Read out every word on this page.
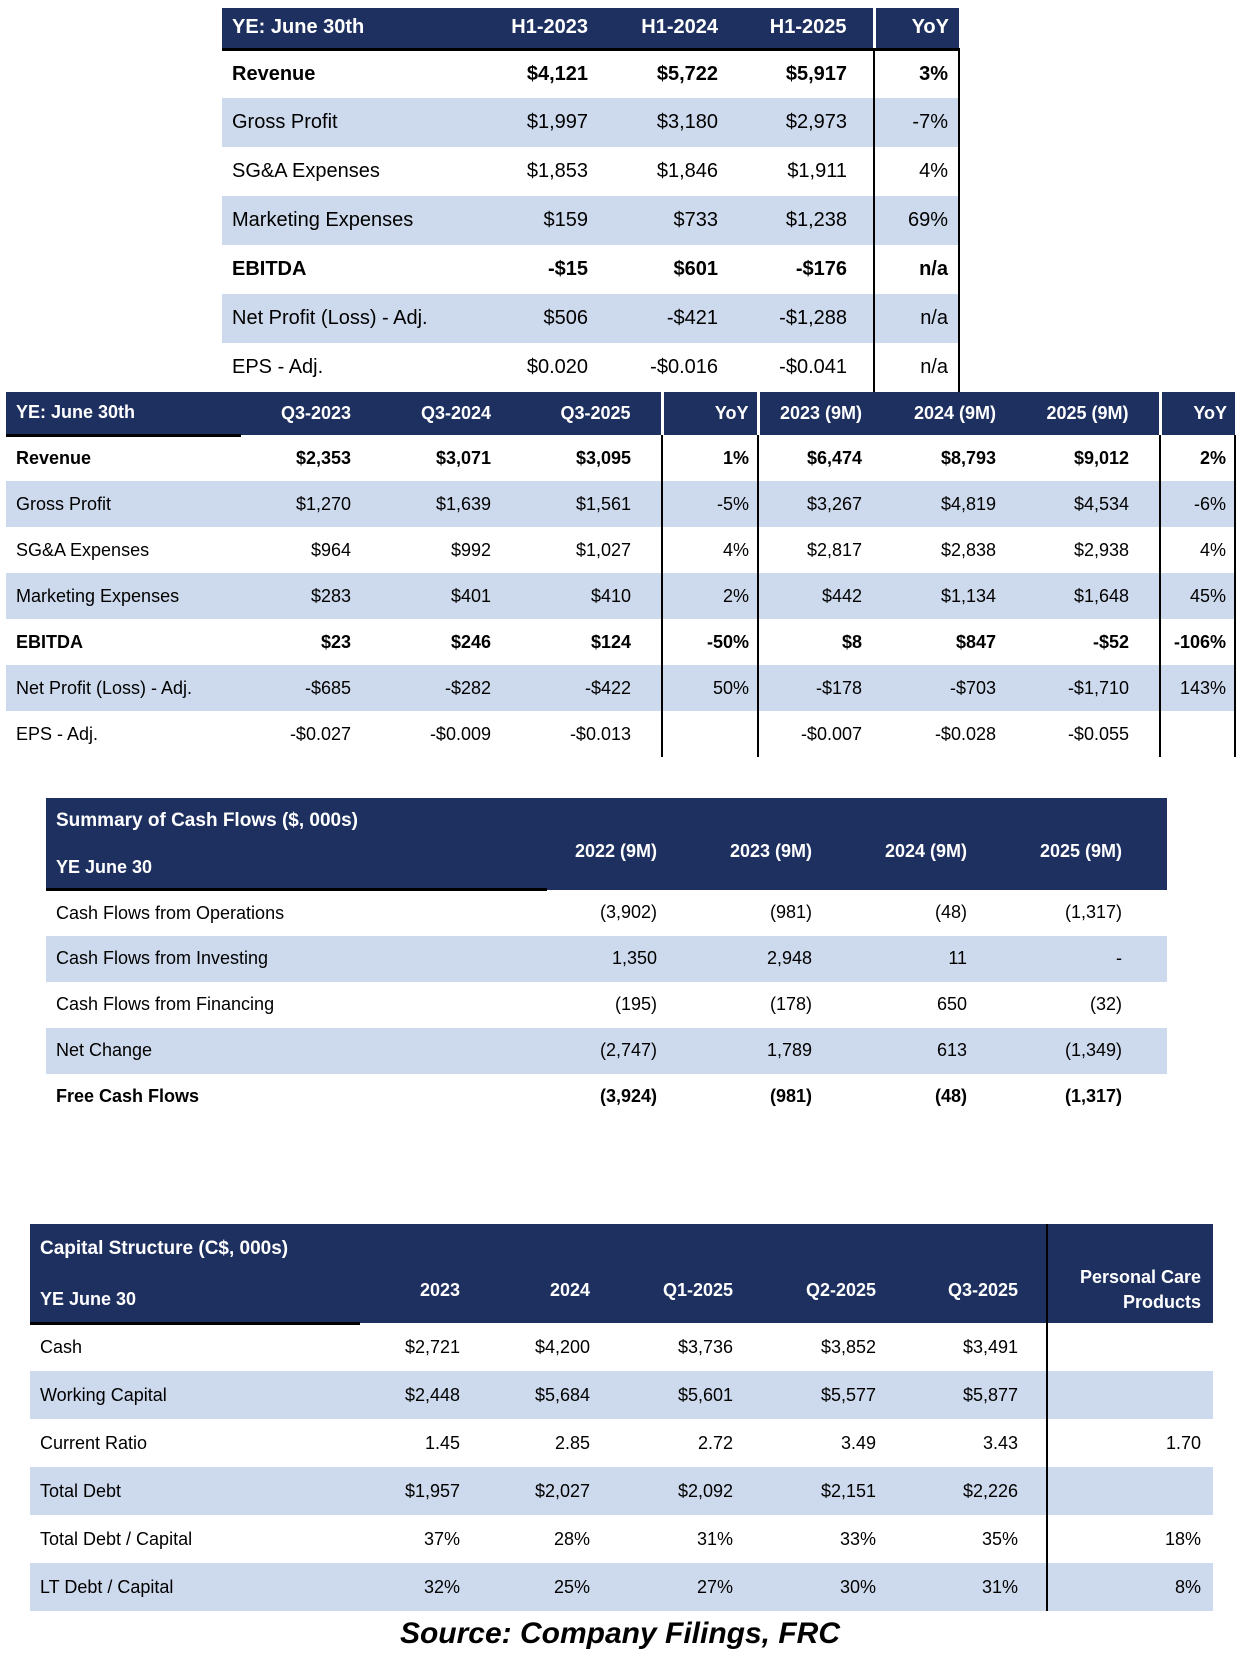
YE: June 30th	H1-2023	H1-2024	H1-2025	YoY
Revenue	$4,121	$5,722	$5,917	3%
Gross Profit	$1,997	$3,180	$2,973	-7%
SG&A Expenses	$1,853	$1,846	$1,911	4%
Marketing Expenses	$159	$733	$1,238	69%
EBITDA	-$15	$601	-$176	n/a
Net Profit (Loss) - Adj.	$506	-$421	-$1,288	n/a
EPS - Adj.	$0.020	-$0.016	-$0.041	n/a
YE: June 30th	Q3-2023	Q3-2024	Q3-2025	YoY	2023 (9M)	2024 (9M)	2025 (9M)	YoY
Revenue	$2,353	$3,071	$3,095	1%	$6,474	$8,793	$9,012	2%
Gross Profit	$1,270	$1,639	$1,561	-5%	$3,267	$4,819	$4,534	-6%
SG&A Expenses	$964	$992	$1,027	4%	$2,817	$2,838	$2,938	4%
Marketing Expenses	$283	$401	$410	2%	$442	$1,134	$1,648	45%
EBITDA	$23	$246	$124	-50%	$8	$847	-$52	-106%
Net Profit (Loss) - Adj.	-$685	-$282	-$422	50%	-$178	-$703	-$1,710	143%
EPS - Adj.	-$0.027	-$0.009	-$0.013		-$0.007	-$0.028	-$0.055	
Summary of Cash Flows ($, 000s)
YE June 30	2022 (9M)	2023 (9M)	2024 (9M)	2025 (9M)
Cash Flows from Operations	(3,902)	(981)	(48)	(1,317)
Cash Flows from Investing	1,350	2,948	11	-
Cash Flows from Financing	(195)	(178)	650	(32)
Net Change	(2,747)	1,789	613	(1,349)
Free Cash Flows	(3,924)	(981)	(48)	(1,317)
Capital Structure (C$, 000s)
YE June 30	2023	2024	Q1-2025	Q2-2025	Q3-2025	Personal Care Products
Cash	$2,721	$4,200	$3,736	$3,852	$3,491	
Working Capital	$2,448	$5,684	$5,601	$5,577	$5,877	
Current Ratio	1.45	2.85	2.72	3.49	3.43	1.70
Total Debt	$1,957	$2,027	$2,092	$2,151	$2,226	
Total Debt / Capital	37%	28%	31%	33%	35%	18%
LT Debt / Capital	32%	25%	27%	30%	31%	8%
Source: Company Filings, FRC
